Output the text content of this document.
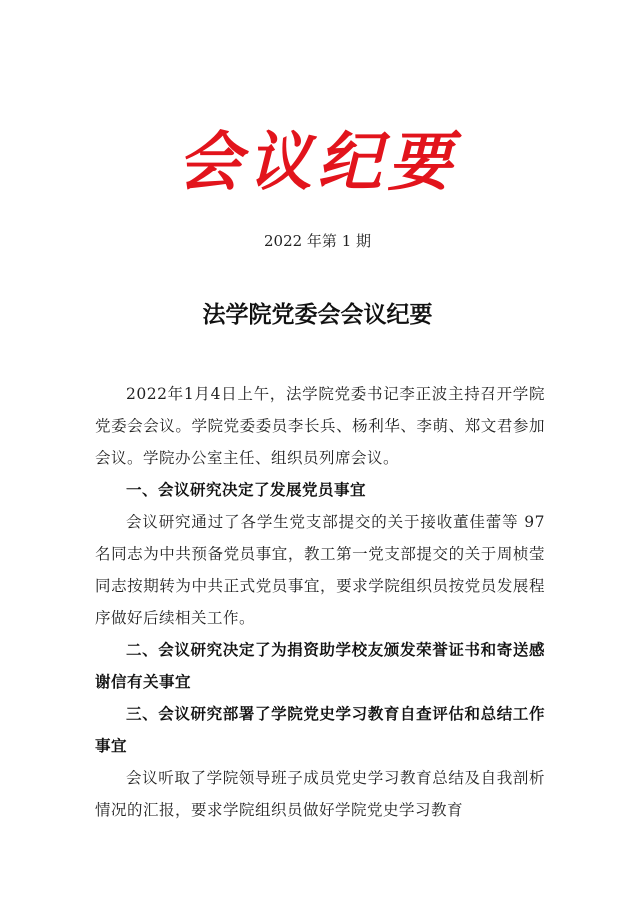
会议纪要
2022 年第 1 期
法学院党委会会议纪要

2022年1月4日上午，法学院党委书记李正波主持召开学院党委会会议。学院党委委员李长兵、杨利华、李萌、郑文君参加会议。学院办公室主任、组织员列席会议。

一、会议研究决定了发展党员事宜

会议研究通过了各学生党支部提交的关于接收董佳蕾等 97 名同志为中共预备党员事宜，教工第一党支部提交的关于周桢莹同志按期转为中共正式党员事宜，要求学院组织员按党员发展程序做好后续相关工作。

二、会议研究决定了为捐资助学校友颁发荣誉证书和寄送感谢信有关事宜

三、会议研究部署了学院党史学习教育自查评估和总结工作事宜

会议听取了学院领导班子成员党史学习教育总结及自我剖析情况的汇报，要求学院组织员做好学院党史学习教育
